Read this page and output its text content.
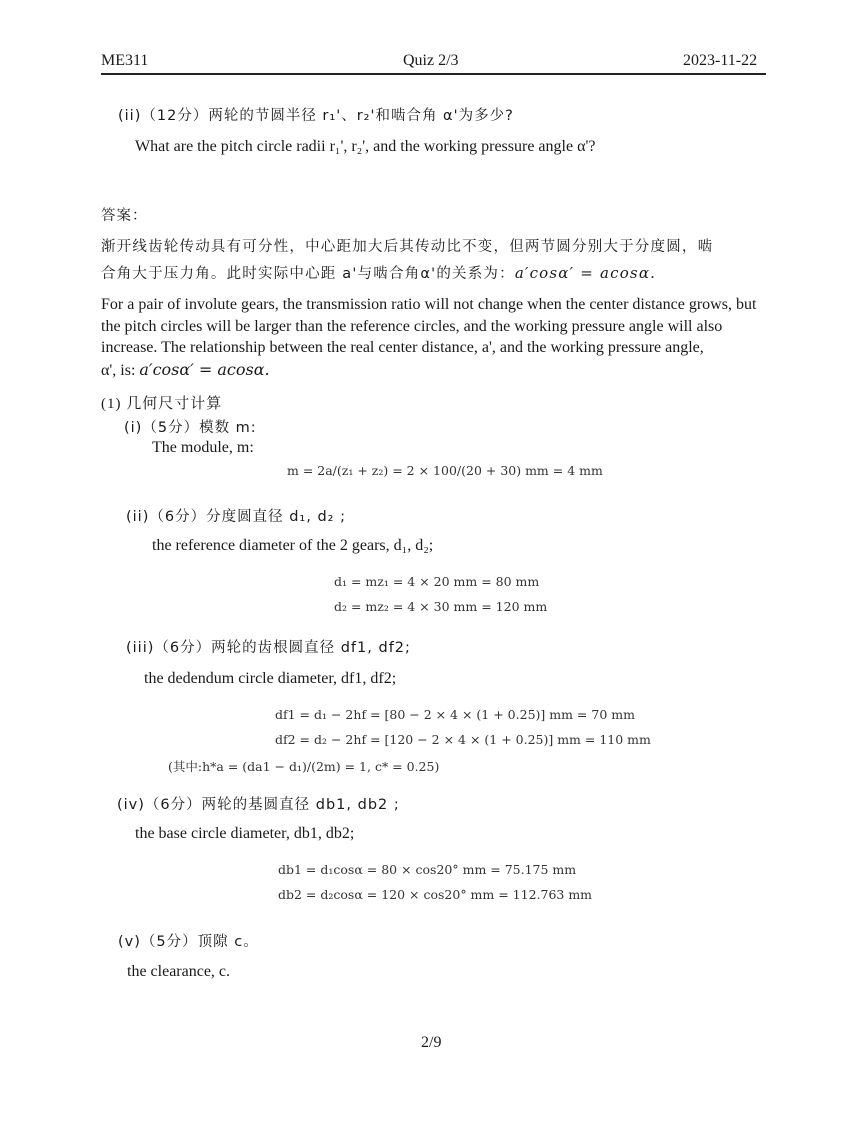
ME311	Quiz 2/3	2023-11-22
(ii)（12分）两轮的节圆半径 r₁'、r₂'和啮合角 α'为多少?
What are the pitch circle radii r₁', r₂', and the working pressure angle α'?
答案：
渐开线齿轮传动具有可分性，中心距加大后其传动比不变，但两节圆分别大于分度圆，啮
合角大于压力角。此时实际中心距 a'与啮合角α'的关系为：a′cosα′ = acosα.
For a pair of involute gears, the transmission ratio will not change when the center distance grows, but the pitch circles will be larger than the reference circles, and the working pressure angle will also increase. The relationship between the real center distance, a', and the working pressure angle,
α', is: a′cosα′ = acosα.
(1) 几何尺寸计算
(i)（5分）模数 m:
The module, m:
m = 2a/(z₁ + z₂) = 2 × 100/(20 + 30) mm = 4 mm
(ii)（6分）分度圆直径 d₁, d₂ ;
the reference diameter of the 2 gears, d₁, d₂;
d₁ = mz₁ = 4 × 20 mm = 80 mm
d₂ = mz₂ = 4 × 30 mm = 120 mm
(iii)（6分）两轮的齿根圆直径 df1, df2;
the dedendum circle diameter, df1, df2;
df1 = d₁ − 2hf = [80 − 2 × 4 × (1 + 0.25)] mm = 70 mm
df2 = d₂ − 2hf = [120 − 2 × 4 × (1 + 0.25)] mm = 110 mm
(其中:h*a = (da1 − d₁)/(2m) = 1, c* = 0.25)
(iv)（6分）两轮的基圆直径 db1, db2 ;
the base circle diameter, db1, db2;
db1 = d₁cosα = 80 × cos20° mm = 75.175 mm
db2 = d₂cosα = 120 × cos20° mm = 112.763 mm
(v)（5分）顶隙 c。
the clearance, c.
2/9
